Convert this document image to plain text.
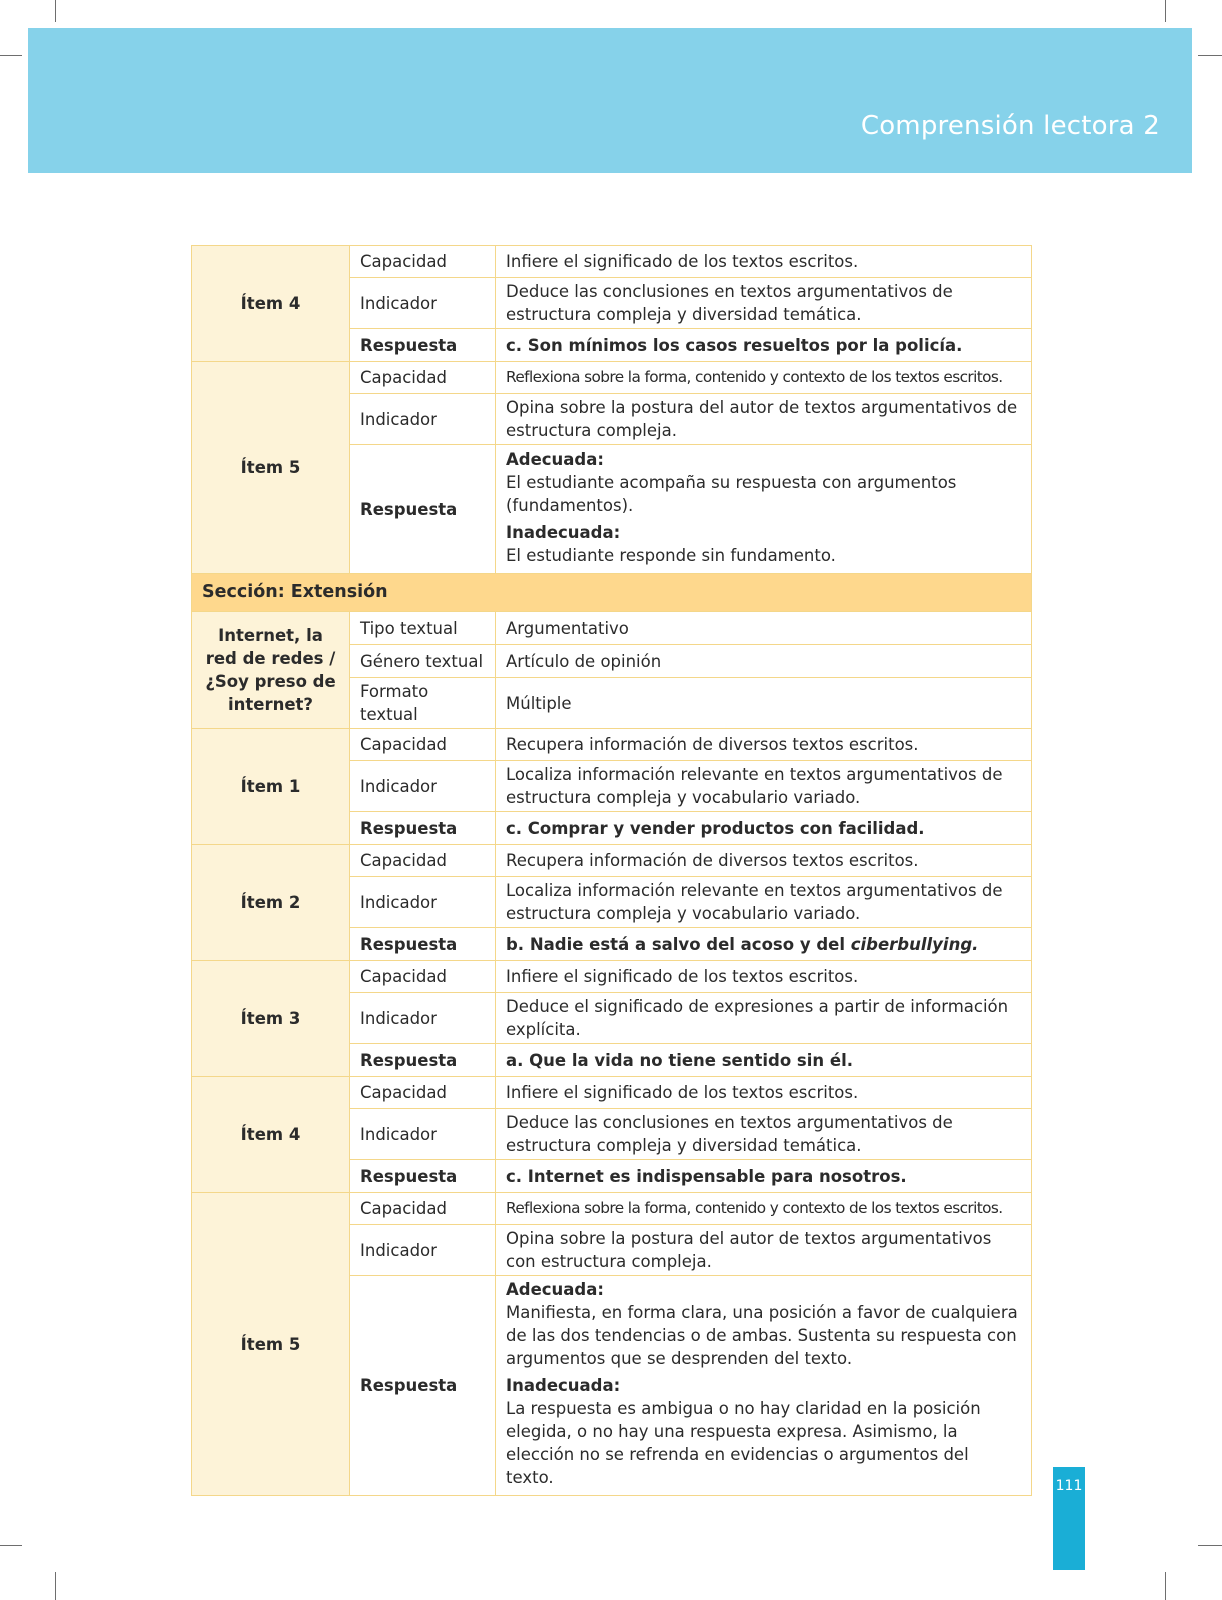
Comprensión lectora 2
Ítem 4	Capacidad	Infiere el significado de los textos escritos.
	Indicador	Deduce las conclusiones en textos argumentativos de estructura compleja y diversidad temática.
	Respuesta	c. Son mínimos los casos resueltos por la policía.
Ítem 5	Capacidad	Reflexiona sobre la forma, contenido y contexto de los textos escritos.
	Indicador	Opina sobre la postura del autor de textos argumentativos de estructura compleja.
	Respuesta	Adecuada:
El estudiante acompaña su respuesta con argumentos (fundamentos).
Inadecuada:
El estudiante responde sin fundamento.

Sección: Extensión		
Internet, la red de redes / ¿Soy preso de internet?	Tipo textual	Argumentativo
	Género textual	Artículo de opinión
	Formato textual	Múltiple
Ítem 1	Capacidad	Recupera información de diversos textos escritos.
	Indicador	Localiza información relevante en textos argumentativos de estructura compleja y vocabulario variado.
	Respuesta	c. Comprar y vender productos con facilidad.
Ítem 2	Capacidad	Recupera información de diversos textos escritos.
	Indicador	Localiza información relevante en textos argumentativos de estructura compleja y vocabulario variado.
	Respuesta	b. Nadie está a salvo del acoso y del ciberbullying.
Ítem 3	Capacidad	Infiere el significado de los textos escritos.
	Indicador	Deduce el significado de expresiones a partir de información explícita.
	Respuesta	a. Que la vida no tiene sentido sin él.
Ítem 4	Capacidad	Infiere el significado de los textos escritos.
	Indicador	Deduce las conclusiones en textos argumentativos de estructura compleja y diversidad temática.
	Respuesta	c. Internet es indispensable para nosotros.
Ítem 5	Capacidad	Reflexiona sobre la forma, contenido y contexto de los textos escritos.
	Indicador	Opina sobre la postura del autor de textos argumentativos con estructura compleja.
	Respuesta	Adecuada:
Manifiesta, en forma clara, una posición a favor de cualquiera de las dos tendencias o de ambas. Sustenta su respuesta con argumentos que se desprenden del texto.
Inadecuada:
La respuesta es ambigua o no hay claridad en la posición elegida, o no hay una respuesta expresa. Asimismo, la elección no se refrenda en evidencias o argumentos del texto.	111
